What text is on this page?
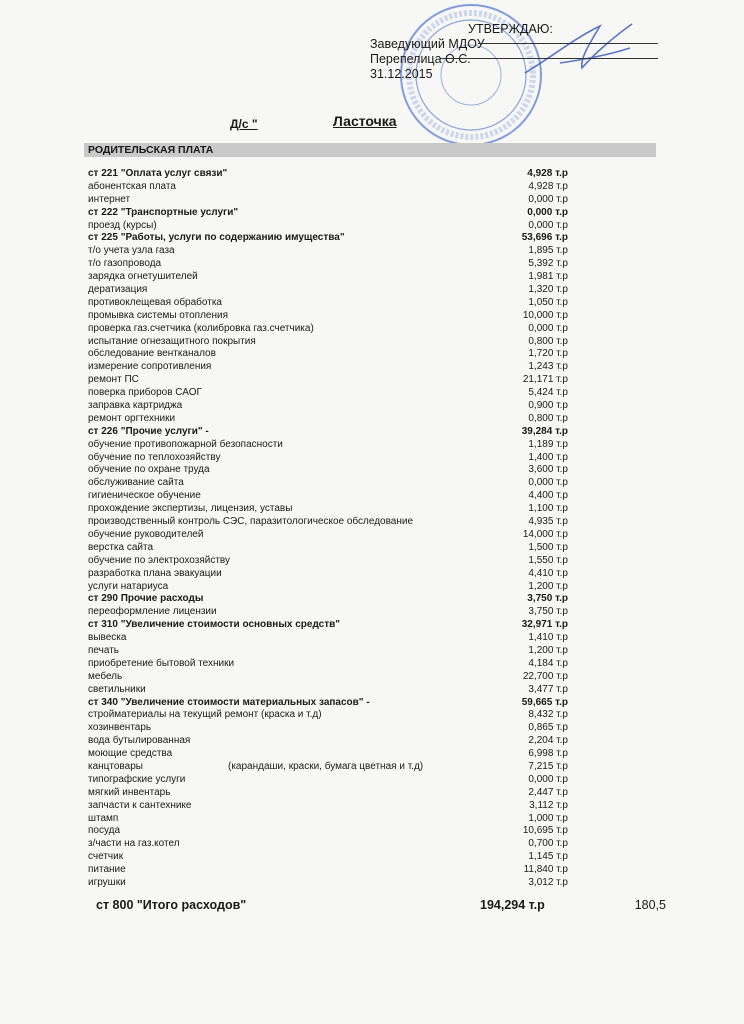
УТВЕРЖДАЮ:
Заведующий МДОУ
Перепелица О.С.
31.12.2015
Д/с "	Ласточка
РОДИТЕЛЬСКАЯ ПЛАТА
ст 221 "Оплата услуг связи"	4,928 т.р
абонентская плата	4,928 т.р
интернет	0,000 т.р
ст 222 "Транспортные услуги"	0,000 т.р
проезд (курсы)	0,000 т.р
ст 225 "Работы, услуги по содержанию имущества"	53,696 т.р
т/о учета узла газа	1,895 т.р
т/о газопровода	5,392 т.р
зарядка огнетушителей	1,981 т.р
дератизация	1,320 т.р
противоклещевая обработка	1,050 т.р
промывка системы отопления	10,000 т.р
проверка газ.счетчика (колибровка газ.счетчика)	0,000 т.р
испытание огнезащитного покрытия	0,800 т.р
обследование вентканалов	1,720 т.р
измерение сопротивления	1,243 т.р
ремонт ПС	21,171 т.р
поверка приборов САОГ	5,424 т.р
заправка картриджа	0,900 т.р
ремонт оргтехники	0,800 т.р
ст 226 "Прочие услуги" -	39,284 т.р
обучение противопожарной безопасности	1,189 т.р
обучение по теплохозяйству	1,400 т.р
обучение по охране труда	3,600 т.р
обслуживание сайта	0,000 т.р
гигиеническое обучение	4,400 т.р
прохождение экспертизы, лицензия, уставы	1,100 т.р
производственный контроль СЭС, паразитологическое обследование	4,935 т.р
обучение руководителей	14,000 т.р
верстка сайта	1,500 т.р
обучение по электрохозяйству	1,550 т.р
разработка плана эвакуации	4,410 т.р
услуги натариуса	1,200 т.р
ст 290 Прочие расходы	3,750 т.р
переоформление лицензии	3,750 т.р
ст 310 "Увеличение стоимости основных средств"	32,971 т.р
вывеска	1,410 т.р
печать	1,200 т.р
приобретение бытовой техники	4,184 т.р
мебель	22,700 т.р
светильники	3,477 т.р
ст 340 "Увеличение стоимости материальных запасов" -	59,665 т.р
стройматериалы на текущий ремонт (краска и т.д)	8,432 т.р
хозинвентарь	0,865 т.р
вода бутылированная	2,204 т.р
моющие средства	6,998 т.р
канцтовары	(карандаши, краски, бумага цветная и т.д)	7,215 т.р
типографские услуги	0,000 т.р
мягкий инвентарь	2,447 т.р
запчасти к сантехнике	3,112 т.р
штамп	1,000 т.р
посуда	10,695 т.р
з/части на газ.котел	0,700 т.р
счетчик	1,145 т.р
питание	11,840 т.р
игрушки	3,012 т.р
ст 800 "Итого расходов"	194,294 т.р	180,5
